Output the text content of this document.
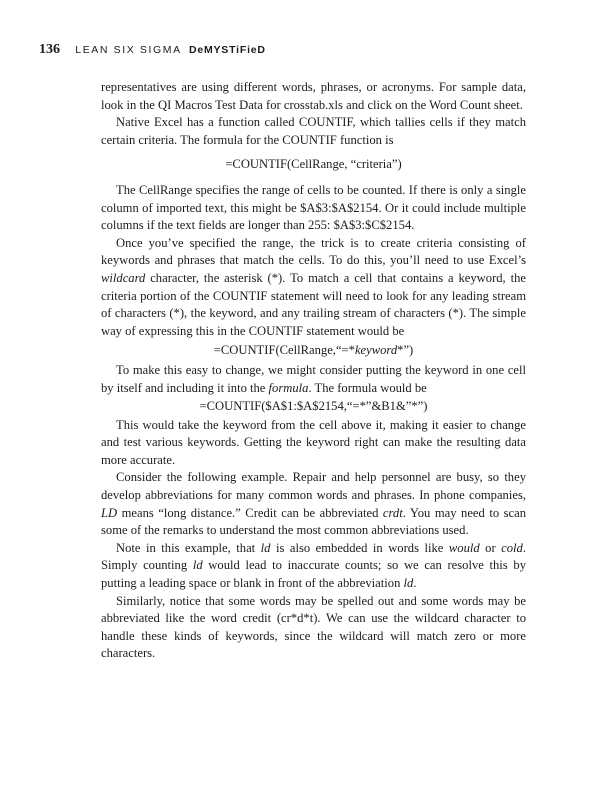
136 LEAN SIX SIGMA DeMYSTiFieD

representatives are using different words, phrases, or acronyms. For sample data, look in the QI Macros Test Data for crosstab.xls and click on the Word Count sheet.

Native Excel has a function called COUNTIF, which tallies cells if they match certain criteria. The formula for the COUNTIF function is

=COUNTIF(CellRange, “criteria”)

The CellRange specifies the range of cells to be counted. If there is only a single column of imported text, this might be $A$3:$A$2154. Or it could include multiple columns if the text fields are longer than 255: $A$3:$C$2154.

Once you’ve specified the range, the trick is to create criteria consisting of keywords and phrases that match the cells. To do this, you’ll need to use Excel’s wildcard character, the asterisk (*). To match a cell that contains a keyword, the criteria portion of the COUNTIF statement will need to look for any leading stream of characters (*), the keyword, and any trailing stream of characters (*). The simple way of expressing this in the COUNTIF statement would be

=COUNTIF(CellRange,“=*keyword*”)

To make this easy to change, we might consider putting the keyword in one cell by itself and including it into the formula. The formula would be

=COUNTIF($A$1:$A$2154,“=*”&B1&”*”)

This would take the keyword from the cell above it, making it easier to change and test various keywords. Getting the keyword right can make the resulting data more accurate.

Consider the following example. Repair and help personnel are busy, so they develop abbreviations for many common words and phrases. In phone companies, LD means “long distance.” Credit can be abbreviated crdt. You may need to scan some of the remarks to understand the most common abbreviations used.

Note in this example, that ld is also embedded in words like would or cold. Simply counting ld would lead to inaccurate counts; so we can resolve this by putting a leading space or blank in front of the abbreviation ld.

Similarly, notice that some words may be spelled out and some words may be abbreviated like the word credit (cr*d*t). We can use the wildcard character to handle these kinds of keywords, since the wildcard will match zero or more characters.
